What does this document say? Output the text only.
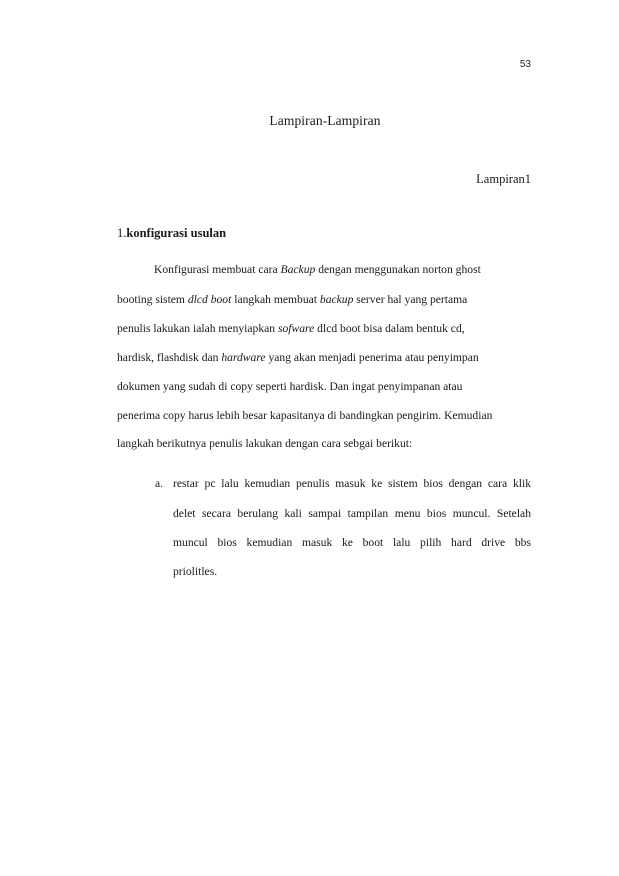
53
Lampiran-Lampiran
Lampiran1
1.konfigurasi usulan
Konfigurasi membuat cara Backup dengan menggunakan norton ghost
booting sistem dlcd boot langkah membuat backup server hal yang pertama
penulis lakukan ialah menyiapkan sofware dlcd boot bisa dalam bentuk cd,
hardisk, flashdisk dan hardware yang akan menjadi penerima atau penyimpan
dokumen yang sudah di copy seperti hardisk. Dan ingat penyimpanan atau
penerima copy harus lebih besar kapasitanya di bandingkan pengirim. Kemudian
langkah berikutnya penulis lakukan dengan cara sebgai berikut:
a. restar pc lalu kemudian penulis masuk ke sistem bios dengan cara klik
delet secara berulang kali sampai tampilan menu bios muncul. Setelah
muncul bios kemudian masuk ke boot lalu pilih hard drive bbs
priolitles.
